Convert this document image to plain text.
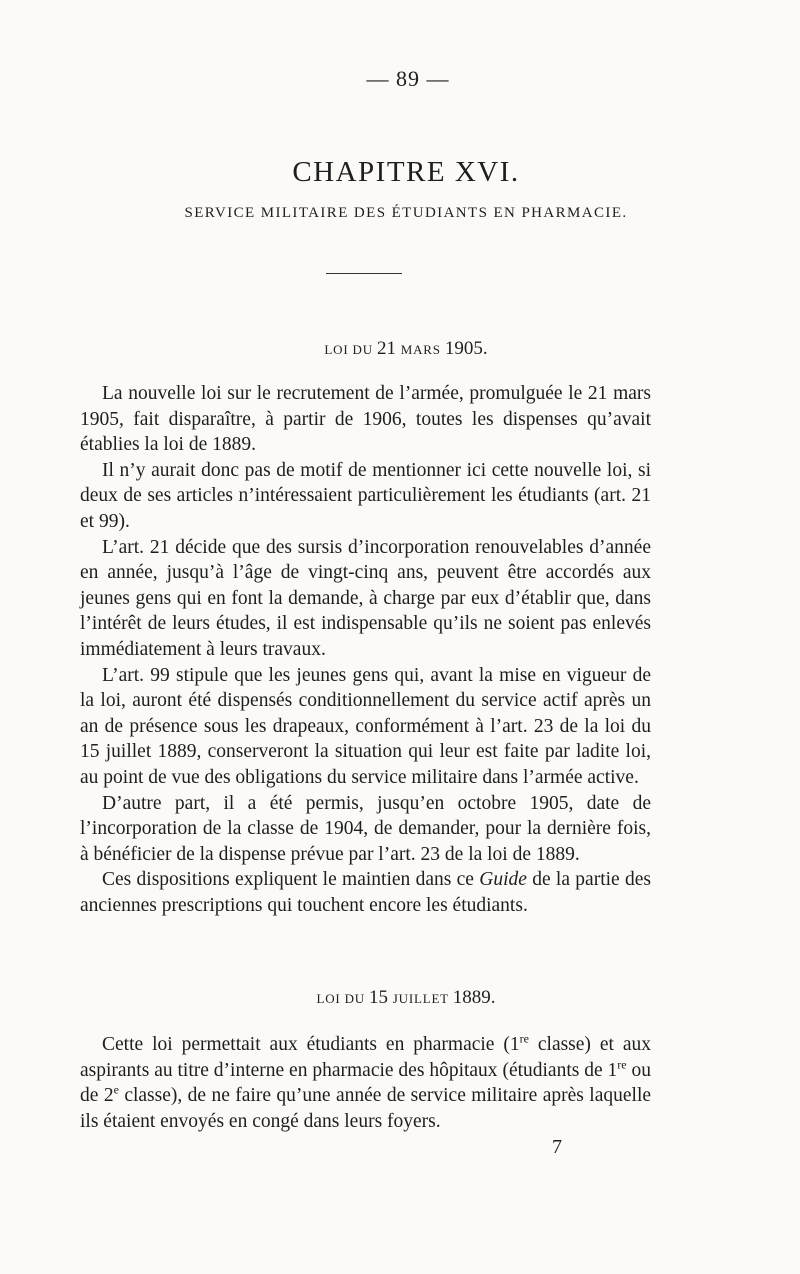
— 89 —
CHAPITRE XVI.
SERVICE MILITAIRE DES ÉTUDIANTS EN PHARMACIE.
LOI DU 21 MARS 1905.

La nouvelle loi sur le recrutement de l’armée, promulguée le 21 mars 1905, fait disparaître, à partir de 1906, toutes les dispenses qu’avait établies la loi de 1889.

Il n’y aurait donc pas de motif de mentionner ici cette nouvelle loi, si deux de ses articles n’intéressaient particulièrement les étudiants (art. 21 et 99).

L’art. 21 décide que des sursis d’incorporation renouvelables d’année en année, jusqu’à l’âge de vingt-cinq ans, peuvent être accordés aux jeunes gens qui en font la demande, à charge par eux d’établir que, dans l’intérêt de leurs études, il est indispensable qu’ils ne soient pas enlevés immédiatement à leurs travaux.

L’art. 99 stipule que les jeunes gens qui, avant la mise en vigueur de la loi, auront été dispensés conditionnellement du service actif après un an de présence sous les drapeaux, conformément à l’art. 23 de la loi du 15 juillet 1889, conserveront la situation qui leur est faite par ladite loi, au point de vue des obligations du service militaire dans l’armée active.

D’autre part, il a été permis, jusqu’en octobre 1905, date de l’incorporation de la classe de 1904, de demander, pour la dernière fois, à bénéficier de la dispense prévue par l’art. 23 de la loi de 1889.

Ces dispositions expliquent le maintien dans ce Guide de la partie des anciennes prescriptions qui touchent encore les étudiants.

LOI DU 15 JUILLET 1889.

Cette loi permettait aux étudiants en pharmacie (1re classe) et aux aspirants au titre d’interne en pharmacie des hôpitaux (étudiants de 1re ou de 2e classe), de ne faire qu’une année de service militaire après laquelle ils étaient envoyés en congé dans leurs foyers.

7
